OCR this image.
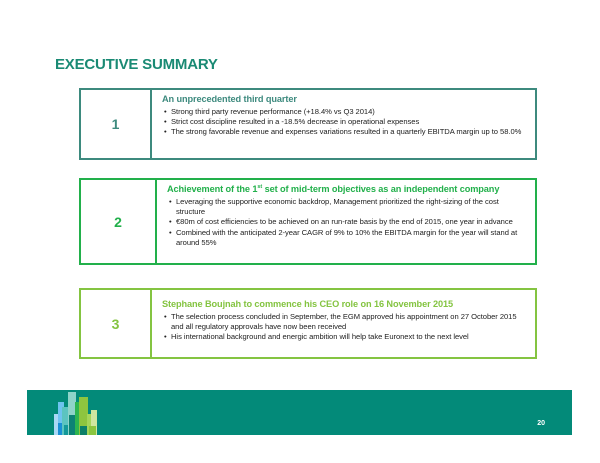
EXECUTIVE SUMMARY
1
An unprecedented third quarter
• Strong third party revenue performance (+18.4% vs Q3 2014)
• Strict cost discipline resulted in a -18.5% decrease in operational expenses
• The strong favorable revenue and expenses variations resulted in a quarterly EBITDA margin up to 58.0%
2
Achievement of the 1st set of mid-term objectives as an independent company
• Leveraging the supportive economic backdrop, Management prioritized the right-sizing of the cost structure
• €80m of cost efficiencies to be achieved on an run-rate basis by the end of 2015, one year in advance
• Combined with the anticipated 2-year CAGR of 9% to 10% the EBITDA margin for the year will stand at around 55%
3
Stephane Boujnah to commence his CEO role on 16 November 2015
• The selection process concluded in September, the EGM approved his appointment on 27 October 2015 and all regulatory approvals have now been received
• His international background and energic ambition will help take Euronext to the next level
20
